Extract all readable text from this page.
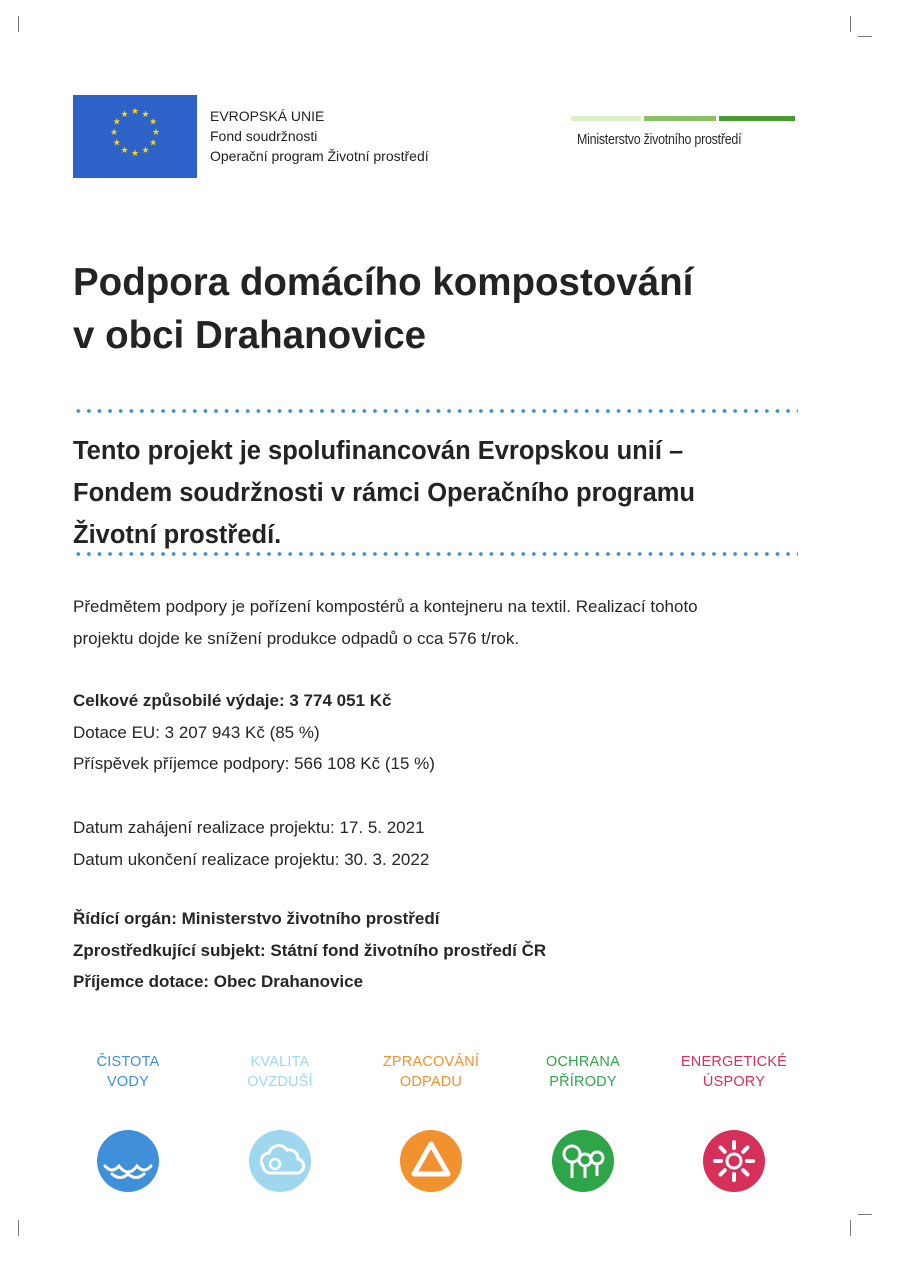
★ ★
★
★
★
★
★
★
★
★
★
★	EVROPSKÁ UNIE
Fond soudržnosti
Operační program Životní prostředí
Ministerstvo životního prostředí
Podpora domácího kompostování
v obci Drahanovice
Tento projekt je spolufinancován Evropskou unií –
Fondem soudržnosti v rámci Operačního programu
Životní prostředí.
Předmětem podpory je pořízení kompostérů a kontejneru na textil. Realizací tohoto
projektu dojde ke snížení produkce odpadů o cca 576 t/rok.
Celkové způsobilé výdaje: 3 774 051 Kč
Dotace EU: 3 207 943 Kč (85 %)
Příspěvek příjemce podpory: 566 108 Kč (15 %)
Datum zahájení realizace projektu: 17. 5. 2021
Datum ukončení realizace projektu: 30. 3. 2022
Řídící orgán: Ministerstvo životního prostředí
Zprostředkující subjekt: Státní fond životního prostředí ČR
Příjemce dotace: Obec Drahanovice
ČISTOTA
VODY
KVALITA
OVZDUŠÍ
ZPRACOVÁNÍ
ODPADU
OCHRANA
PŘÍRODY
ENERGETICKÉ
ÚSPORY
